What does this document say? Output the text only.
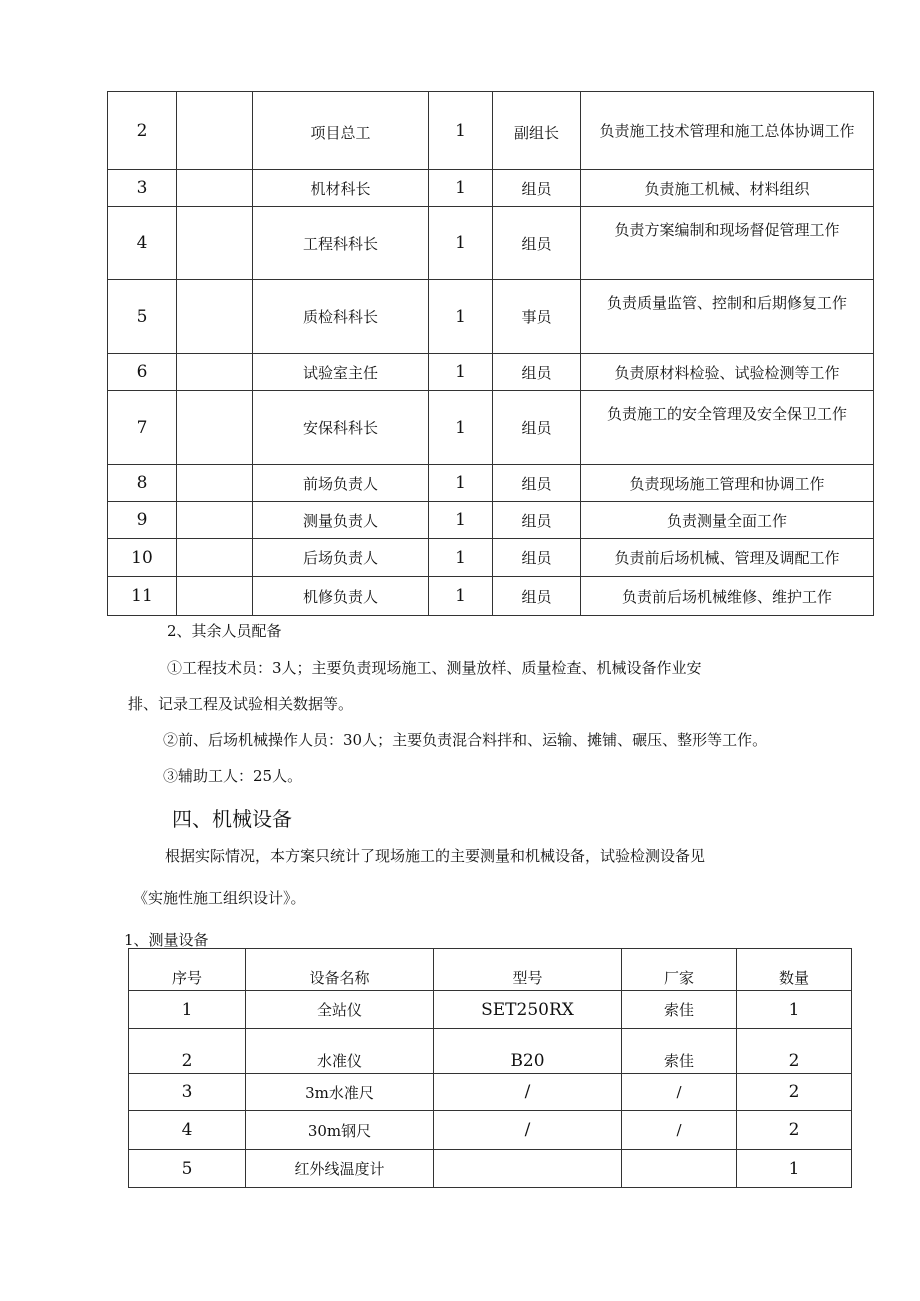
2		项目总工	1	副组长	负责施工技术管理和施工总体协调工作
3		机材科长	1	组员	负责施工机械、材料组织
4		工程科科长	1	组员	负责方案编制和现场督促管理工作
5		质检科科长	1	事员	负责质量监管、控制和后期修复工作
6		试验室主任	1	组员	负责原材料检验、试验检测等工作
7		安保科科长	1	组员	负责施工的安全管理及安全保卫工作
8		前场负责人	1	组员	负责现场施工管理和协调工作
9		测量负责人	1	组员	负责测量全面工作
10		后场负责人	1	组员	负责前后场机械、管理及调配工作
11		机修负责人	1	组员	负责前后场机械维修、维护工作
2、其余人员配备
①工程技术员：3人；主要负责现场施工、测量放样、质量检查、机械设备作业安
排、记录工程及试验相关数据等。
②前、后场机械操作人员：30人；主要负责混合料拌和、运输、摊铺、碾压、整形等工作。
③辅助工人：25人。
四、机械设备
根据实际情况，本方案只统计了现场施工的主要测量和机械设备，试验检测设备见
《实施性施工组织设计》。
1、测量设备
序号	设备名称	型号	厂家	数量
1	全站仪	SET250RX	索佳	1
2	水准仪	B20	索佳	2
3	3m水准尺	/	/	2
4	30m钢尺	/	/	2
5	红外线温度计			1
